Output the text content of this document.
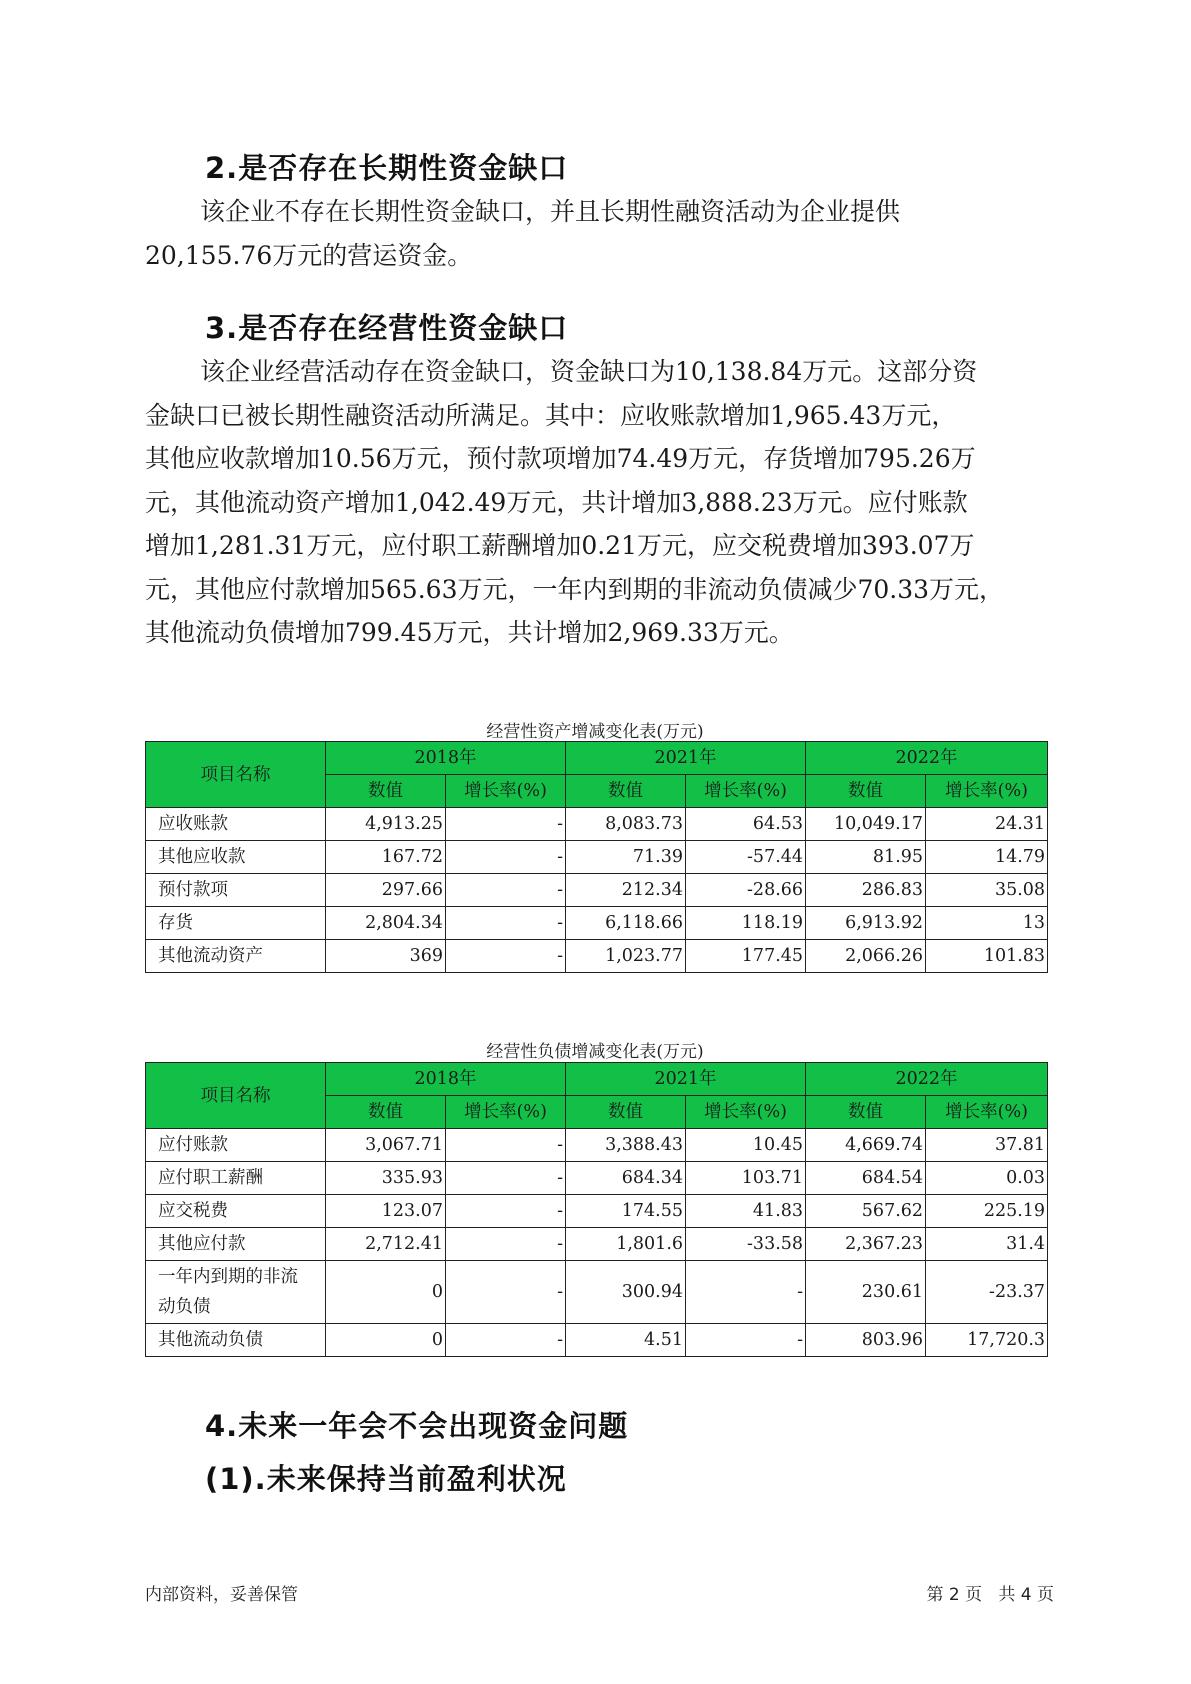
2.是否存在长期性资金缺口
该企业不存在长期性资金缺口，并且长期性融资活动为企业提供
20,155.76万元的营运资金。
3.是否存在经营性资金缺口
该企业经营活动存在资金缺口，资金缺口为10,138.84万元。这部分资
金缺口已被长期性融资活动所满足。其中：应收账款增加1,965.43万元，
其他应收款增加10.56万元，预付款项增加74.49万元，存货增加795.26万
元，其他流动资产增加1,042.49万元，共计增加3,888.23万元。应付账款
增加1,281.31万元，应付职工薪酬增加0.21万元，应交税费增加393.07万
元，其他应付款增加565.63万元，一年内到期的非流动负债减少70.33万元，
其他流动负债增加799.45万元，共计增加2,969.33万元。
经营性资产增减变化表(万元)
项目名称	2018年		2021年		2022年	
	数值	增长率(%)	数值	增长率(%)	数值	增长率(%)
应收账款	4,913.25	-	8,083.73	64.53	10,049.17	24.31
其他应收款	167.72	-	71.39	-57.44	81.95	14.79
预付款项	297.66	-	212.34	-28.66	286.83	35.08
存货	2,804.34	-	6,118.66	118.19	6,913.92	13
其他流动资产	369	-	1,023.77	177.45	2,066.26	101.83
经营性负债增减变化表(万元)
项目名称	2018年		2021年		2022年	
	数值	增长率(%)	数值	增长率(%)	数值	增长率(%)
应付账款	3,067.71	-	3,388.43	10.45	4,669.74	37.81
应付职工薪酬	335.93	-	684.34	103.71	684.54	0.03
应交税费	123.07	-	174.55	41.83	567.62	225.19
其他应付款	2,712.41	-	1,801.6	-33.58	2,367.23	31.4

一年内到期的非流
动负债	0	-	300.94	-	230.61	-23.37
其他流动负债	0	-	4.51	-	803.96	17,720.3
4.未来一年会不会出现资金问题
(1).未来保持当前盈利状况
内部资料，妥善保管	第 2 页   共 4 页
